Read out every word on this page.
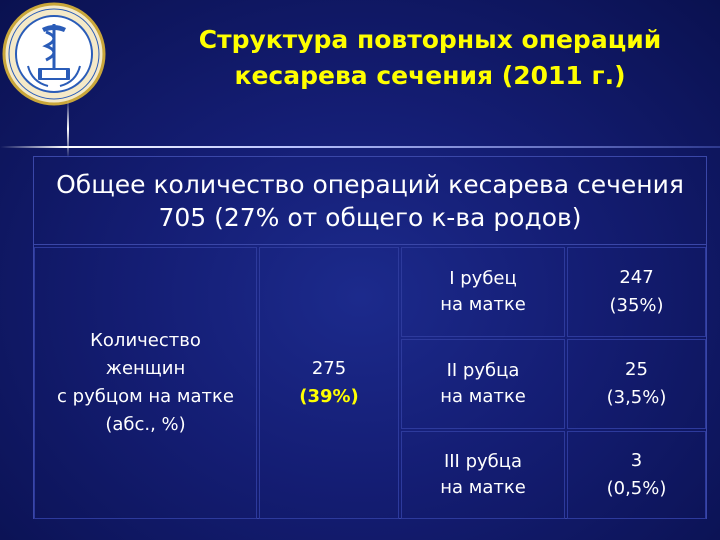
Структура повторных операций
кесарева сечения (2011 г.)
Общее количество операций кесарева сечения
705 (27% от общего к-ва родов)
Количество
женщин
с рубцом на матке
(абс., %)
275
(39%)
I рубец
на матке
247
(35%)
II рубца
на матке
25
(3,5%)
III рубца
на матке
3
(0,5%)
